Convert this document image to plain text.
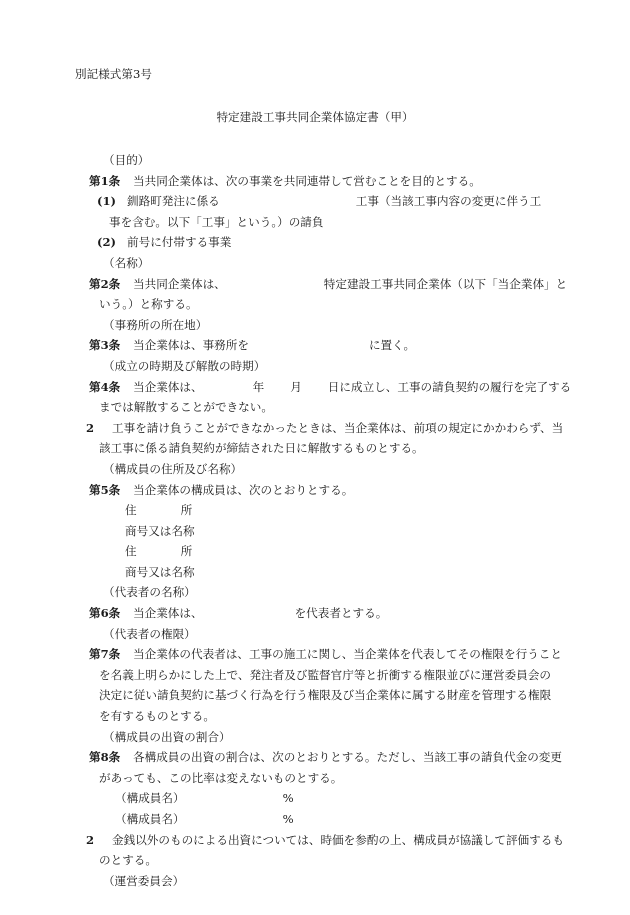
別記様式第3号
特定建設工事共同企業体協定書（甲）
（目的）
第1条	当共同企業体は、次の事業を共同連帯して営むことを目的とする。
(1) 釧路町発注に係る	工事（当該工事内容の変更に伴う工
事を含む。以下「工事」という。）の請負
(2) 前号に付帯する事業
（名称）
第2条	当共同企業体は、	特定建設工事共同企業体（以下「当企業体」と
いう。）と称する。
（事務所の所在地）
第3条	当企業体は、事務所を	に置く。
（成立の時期及び解散の時期）
第4条	当企業体は、	年 月 日に成立し、工事の請負契約の履行を完了する
までは解散することができない。
2	工事を請け負うことができなかったときは、当企業体は、前項の規定にかかわらず、当
該工事に係る請負契約が締結された日に解散するものとする。
（構成員の住所及び名称）
第5条	当企業体の構成員は、次のとおりとする。
住	所
商号又は名称
住	所
商号又は名称
（代表者の名称）
第6条	当企業体は、	を代表者とする。
（代表者の権限）
第7条	当企業体の代表者は、工事の施工に関し、当企業体を代表してその権限を行うこと
を名義上明らかにした上で、発注者及び監督官庁等と折衝する権限並びに運営委員会の
決定に従い請負契約に基づく行為を行う権限及び当企業体に属する財産を管理する権限
を有するものとする。
（構成員の出資の割合）
第8条	各構成員の出資の割合は、次のとおりとする。ただし、当該工事の請負代金の変更
があっても、この比率は変えないものとする。
（構成員名）	%
（構成員名）	%
2	金銭以外のものによる出資については、時価を参酌の上、構成員が協議して評価するも
のとする。
（運営委員会）
